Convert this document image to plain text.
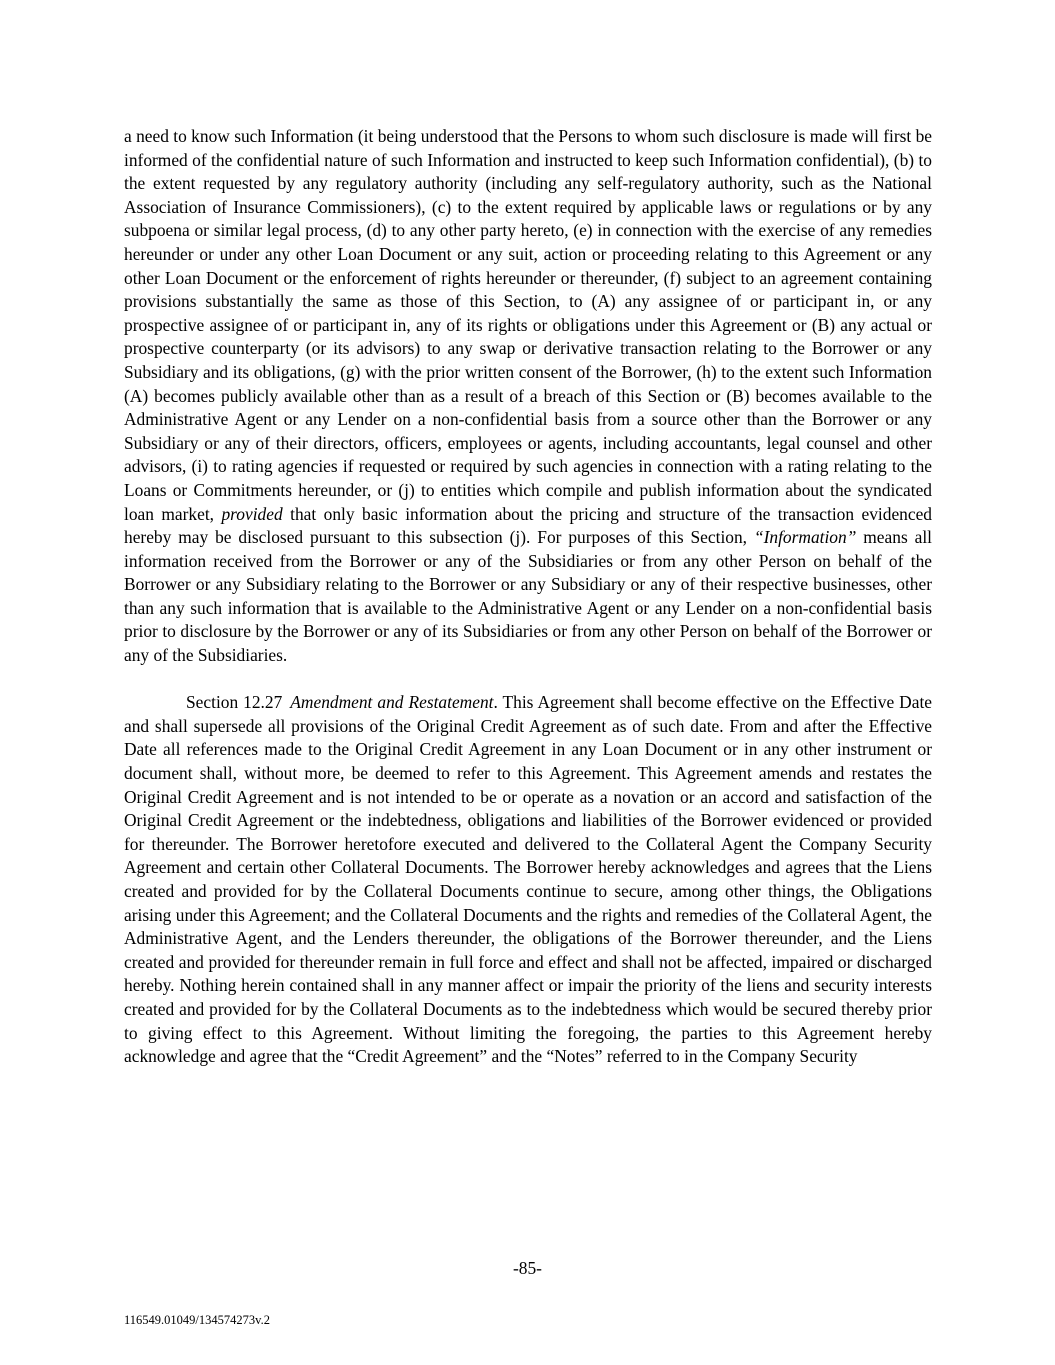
a need to know such Information (it being understood that the Persons to whom such disclosure is made will first be informed of the confidential nature of such Information and instructed to keep such Information confidential), (b) to the extent requested by any regulatory authority (including any self-regulatory authority, such as the National Association of Insurance Commissioners), (c) to the extent required by applicable laws or regulations or by any subpoena or similar legal process, (d) to any other party hereto, (e) in connection with the exercise of any remedies hereunder or under any other Loan Document or any suit, action or proceeding relating to this Agreement or any other Loan Document or the enforcement of rights hereunder or thereunder, (f) subject to an agreement containing provisions substantially the same as those of this Section, to (A) any assignee of or participant in, or any prospective assignee of or participant in, any of its rights or obligations under this Agreement or (B) any actual or prospective counterparty (or its advisors) to any swap or derivative transaction relating to the Borrower or any Subsidiary and its obligations, (g) with the prior written consent of the Borrower, (h) to the extent such Information (A) becomes publicly available other than as a result of a breach of this Section or (B) becomes available to the Administrative Agent or any Lender on a non-confidential basis from a source other than the Borrower or any Subsidiary or any of their directors, officers, employees or agents, including accountants, legal counsel and other advisors, (i) to rating agencies if requested or required by such agencies in connection with a rating relating to the Loans or Commitments hereunder, or (j) to entities which compile and publish information about the syndicated loan market, provided that only basic information about the pricing and structure of the transaction evidenced hereby may be disclosed pursuant to this subsection (j). For purposes of this Section, “Information” means all information received from the Borrower or any of the Subsidiaries or from any other Person on behalf of the Borrower or any Subsidiary relating to the Borrower or any Subsidiary or any of their respective businesses, other than any such information that is available to the Administrative Agent or any Lender on a non-confidential basis prior to disclosure by the Borrower or any of its Subsidiaries or from any other Person on behalf of the Borrower or any of the Subsidiaries.

Section 12.27 Amendment and Restatement. This Agreement shall become effective on the Effective Date and shall supersede all provisions of the Original Credit Agreement as of such date. From and after the Effective Date all references made to the Original Credit Agreement in any Loan Document or in any other instrument or document shall, without more, be deemed to refer to this Agreement. This Agreement amends and restates the Original Credit Agreement and is not intended to be or operate as a novation or an accord and satisfaction of the Original Credit Agreement or the indebtedness, obligations and liabilities of the Borrower evidenced or provided for thereunder. The Borrower heretofore executed and delivered to the Collateral Agent the Company Security Agreement and certain other Collateral Documents. The Borrower hereby acknowledges and agrees that the Liens created and provided for by the Collateral Documents continue to secure, among other things, the Obligations arising under this Agreement; and the Collateral Documents and the rights and remedies of the Collateral Agent, the Administrative Agent, and the Lenders thereunder, the obligations of the Borrower thereunder, and the Liens created and provided for thereunder remain in full force and effect and shall not be affected, impaired or discharged hereby. Nothing herein contained shall in any manner affect or impair the priority of the liens and security interests created and provided for by the Collateral Documents as to the indebtedness which would be secured thereby prior to giving effect to this Agreement. Without limiting the foregoing, the parties to this Agreement hereby acknowledge and agree that the “Credit Agreement” and the “Notes” referred to in the Company Security

-85-
116549.01049/134574273v.2
